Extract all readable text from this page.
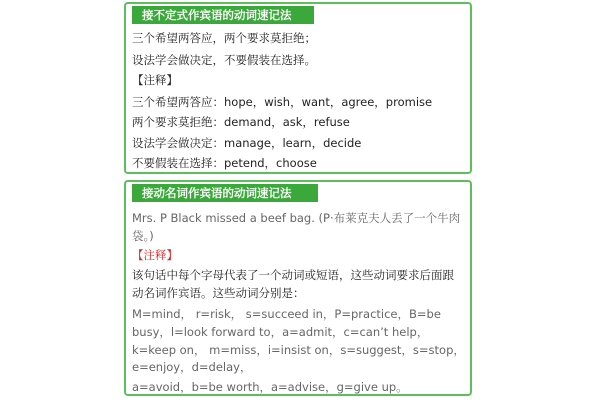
接不定式作宾语的动词速记法
三个希望两答应，两个要求莫拒绝；
设法学会做决定，不要假装在选择。
【注释】
三个希望两答应：hope，wish，want，agree，promise
两个要求莫拒绝：demand，ask，refuse
设法学会做决定：manage，learn，decide
不要假装在选择：petend，choose
接动名词作宾语的动词速记法
Mrs. P Black missed a beef bag. (P·布莱克夫人丢了一个牛肉
袋。)
【注释】
该句话中每个字母代表了一个动词或短语，这些动词要求后面跟
动名词作宾语。这些动词分别是：
M=mind， r=risk， s=succeed in，P=practice，B=be
busy，l=look forward to，a=admit，c=can’t help，
k=keep on， m=miss，i=insist on，s=suggest，s=stop，
e=enjoy，d=delay，
a=avoid，b=be worth，a=advise，g=give up。
